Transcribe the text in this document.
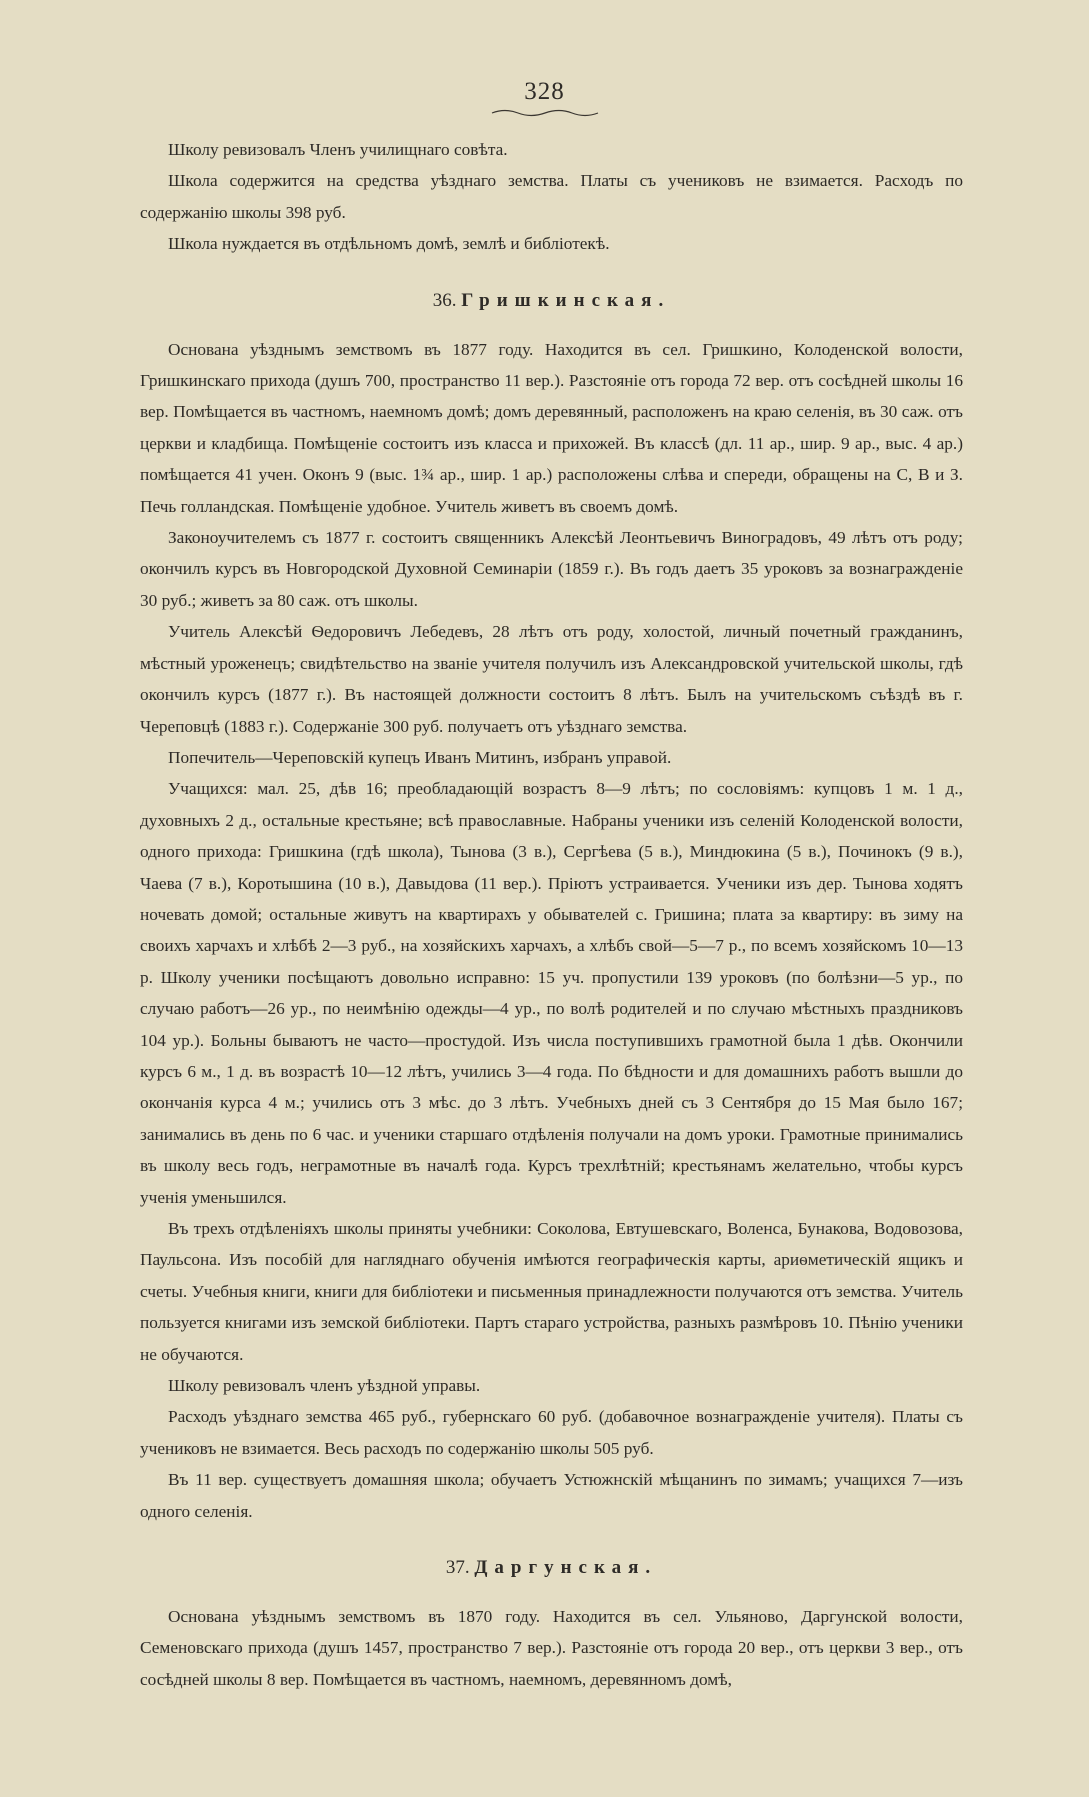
328

Школу ревизовалъ Членъ училищнаго совѣта.

Школа содержится на средства уѣзднаго земства. Платы съ учениковъ не взимается. Расходъ по содержанію школы 398 руб.

Школа нуждается въ отдѣльномъ домѣ, землѣ и библіотекѣ.

36. Гришкинская.

Основана уѣзднымъ земствомъ въ 1877 году. Находится въ сел. Гришкино, Колоденской волости, Гришкинскаго прихода (душъ 700, пространство 11 вер.). Разстояніе отъ города 72 вер. отъ сосѣдней школы 16 вер. Помѣщается въ частномъ, наемномъ домѣ; домъ деревянный, расположенъ на краю селенія, въ 30 саж. отъ церкви и кладбища. Помѣщеніе состоитъ изъ класса и прихожей. Въ классѣ (дл. 11 ар., шир. 9 ар., выс. 4 ар.) помѣщается 41 учен. Оконъ 9 (выс. 1¾ ар., шир. 1 ар.) расположены слѣва и спереди, обращены на С, В и З. Печь голландская. Помѣщеніе удобное. Учитель живетъ въ своемъ домѣ.

Законоучителемъ съ 1877 г. состоитъ священникъ Алексѣй Леонтьевичъ Виноградовъ, 49 лѣтъ отъ роду; окончилъ курсъ въ Новгородской Духовной Семинаріи (1859 г.). Въ годъ даетъ 35 уроковъ за вознагражденіе 30 руб.; живетъ за 80 саж. отъ школы.

Учитель Алексѣй Ѳедоровичъ Лебедевъ, 28 лѣтъ отъ роду, холостой, личный почетный гражданинъ, мѣстный уроженецъ; свидѣтельство на званіе учителя получилъ изъ Александровской учительской школы, гдѣ окончилъ курсъ (1877 г.). Въ настоящей должности состоитъ 8 лѣтъ. Былъ на учительскомъ съѣздѣ въ г. Череповцѣ (1883 г.). Содержаніе 300 руб. получаетъ отъ уѣзднаго земства.

Попечитель—Череповскій купецъ Иванъ Митинъ, избранъ управой.

Учащихся: мал. 25, дѣв 16; преобладающій возрастъ 8—9 лѣтъ; по сословіямъ: купцовъ 1 м. 1 д., духовныхъ 2 д., остальные крестьяне; всѣ православные. Набраны ученики изъ селеній Колоденской волости, одного прихода: Гришкина (гдѣ школа), Тынова (3 в.), Сергѣева (5 в.), Миндюкина (5 в.), Починокъ (9 в.), Чаева (7 в.), Коротышина (10 в.), Давыдова (11 вер.). Пріютъ устраивается. Ученики изъ дер. Тынова ходятъ ночевать домой; остальные живутъ на квартирахъ у обывателей с. Гришина; плата за квартиру: въ зиму на своихъ харчахъ и хлѣбѣ 2—3 руб., на хозяйскихъ харчахъ, а хлѣбъ свой—5—7 р., по всемъ хозяйскомъ 10—13 р. Школу ученики посѣщаютъ довольно исправно: 15 уч. пропустили 139 уроковъ (по болѣзни—5 ур., по случаю работъ—26 ур., по неимѣнію одежды—4 ур., по волѣ родителей и по случаю мѣстныхъ праздниковъ 104 ур.). Больны бываютъ не часто—простудой. Изъ числа поступившихъ грамотной была 1 дѣв. Окончили курсъ 6 м., 1 д. въ возрастѣ 10—12 лѣтъ, учились 3—4 года. По бѣдности и для домашнихъ работъ вышли до окончанія курса 4 м.; учились отъ 3 мѣс. до 3 лѣтъ. Учебныхъ дней съ 3 Сентября до 15 Мая было 167; занимались въ день по 6 час. и ученики старшаго отдѣленія получали на домъ уроки. Грамотные принимались въ школу весь годъ, неграмотные въ началѣ года. Курсъ трехлѣтній; крестьянамъ желательно, чтобы курсъ ученія уменьшился.

Въ трехъ отдѣленіяхъ школы приняты учебники: Соколова, Евтушевскаго, Воленса, Бунакова, Водовозова, Паульсона. Изъ пособій для нагляднаго обученія имѣются географическія карты, ариѳметическій ящикъ и счеты. Учебныя книги, книги для библіотеки и письменныя принадлежности получаются отъ земства. Учитель пользуется книгами изъ земской библіотеки. Партъ стараго устройства, разныхъ размѣровъ 10. Пѣнію ученики не обучаются.

Школу ревизовалъ членъ уѣздной управы.

Расходъ уѣзднаго земства 465 руб., губернскаго 60 руб. (добавочное вознагражденіе учителя). Платы съ учениковъ не взимается. Весь расходъ по содержанію школы 505 руб.

Въ 11 вер. существуетъ домашняя школа; обучаетъ Устюжнскій мѣщанинъ по зимамъ; учащихся 7—изъ одного селенія.

37. Даргунская.

Основана уѣзднымъ земствомъ въ 1870 году. Находится въ сел. Ульяново, Даргунской волости, Семеновскаго прихода (душъ 1457, пространство 7 вер.). Разстояніе отъ города 20 вер., отъ церкви 3 вер., отъ сосѣдней школы 8 вер. Помѣщается въ частномъ, наемномъ, деревянномъ домѣ,
